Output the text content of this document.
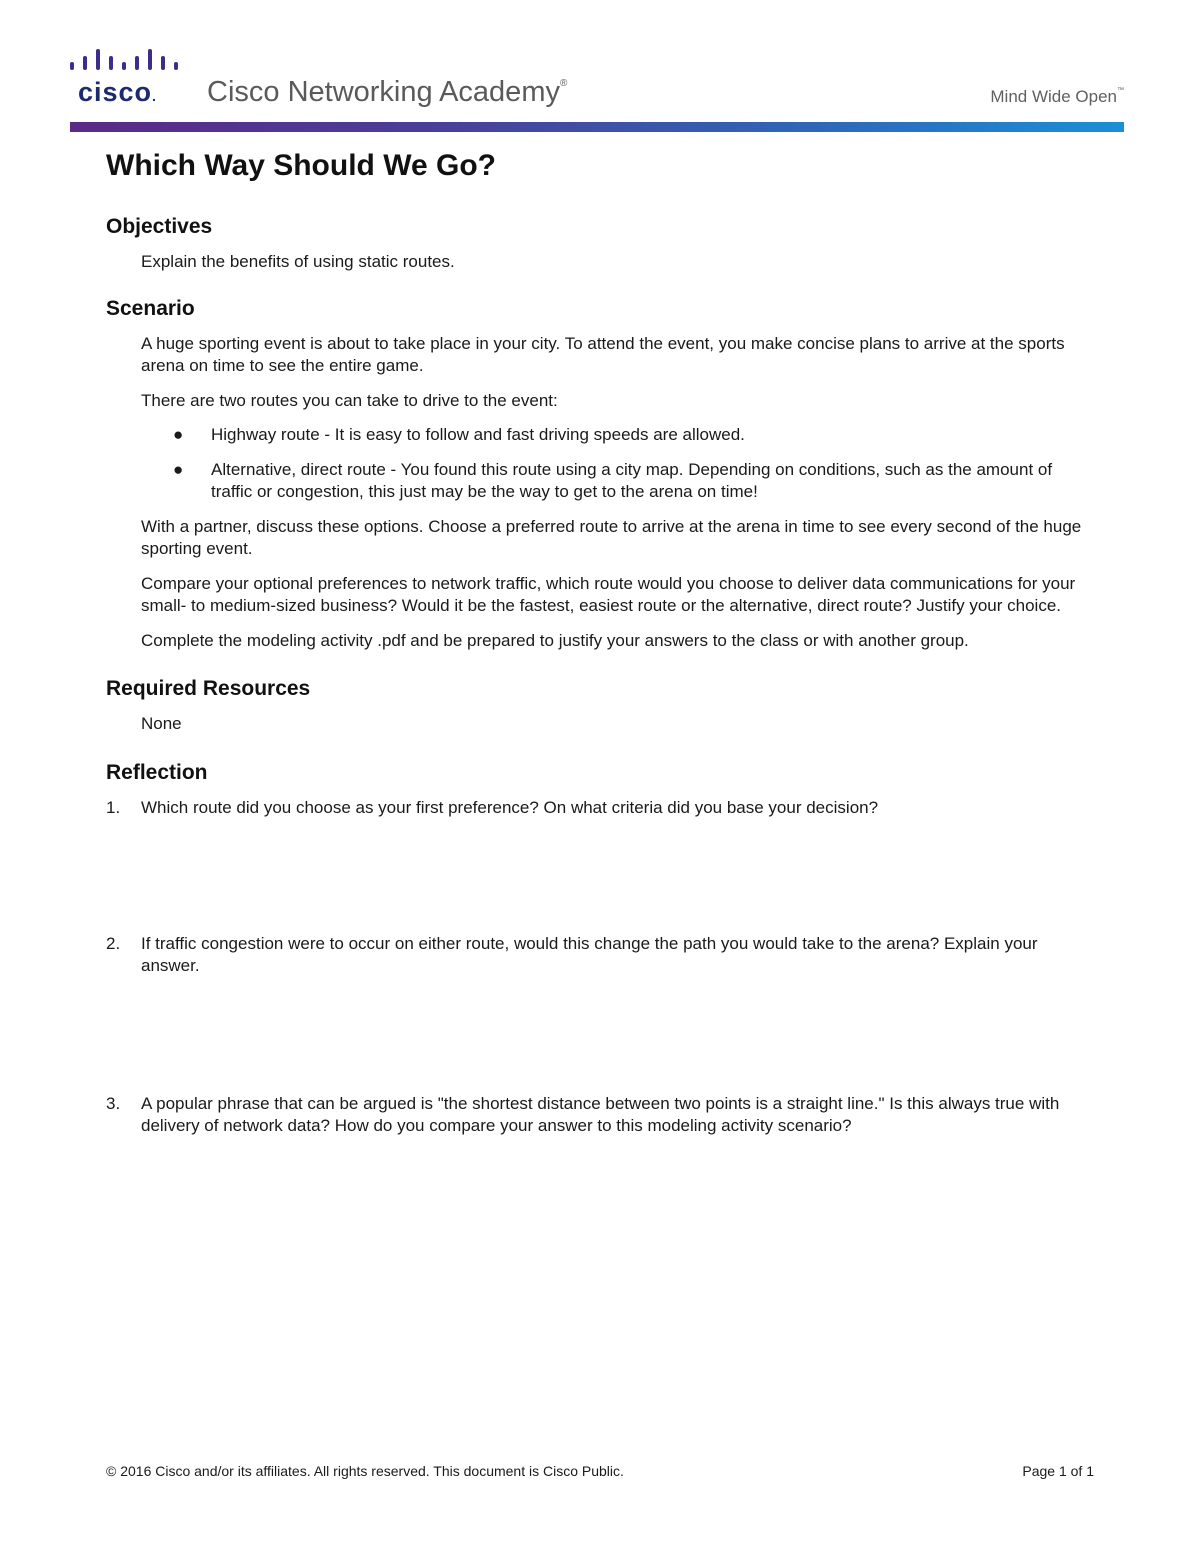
cisco. Cisco Networking Academy®
Mind Wide Open™
Which Way Should We Go?
Objectives

Explain the benefits of using static routes.

Scenario

A huge sporting event is about to take place in your city. To attend the event, you make concise plans to arrive at the sports arena on time to see the entire game.

There are two routes you can take to drive to the event:

● Highway route - It is easy to follow and fast driving speeds are allowed.
● Alternative, direct route - You found this route using a city map. Depending on conditions, such as the amount of traffic or congestion, this just may be the way to get to the arena on time!

With a partner, discuss these options. Choose a preferred route to arrive at the arena in time to see every second of the huge sporting event.

Compare your optional preferences to network traffic, which route would you choose to deliver data communications for your small- to medium-sized business? Would it be the fastest, easiest route or the alternative, direct route? Justify your choice.

Complete the modeling activity .pdf and be prepared to justify your answers to the class or with another group.

Required Resources

None

Reflection
1. Which route did you choose as your first preference? On what criteria did you base your decision?
2. If traffic congestion were to occur on either route, would this change the path you would take to the arena? Explain your answer.
3. A popular phrase that can be argued is "the shortest distance between two points is a straight line." Is this always true with delivery of network data? How do you compare your answer to this modeling activity scenario?
© 2016 Cisco and/or its affiliates. All rights reserved. This document is Cisco Public.	Page 1 of 1
